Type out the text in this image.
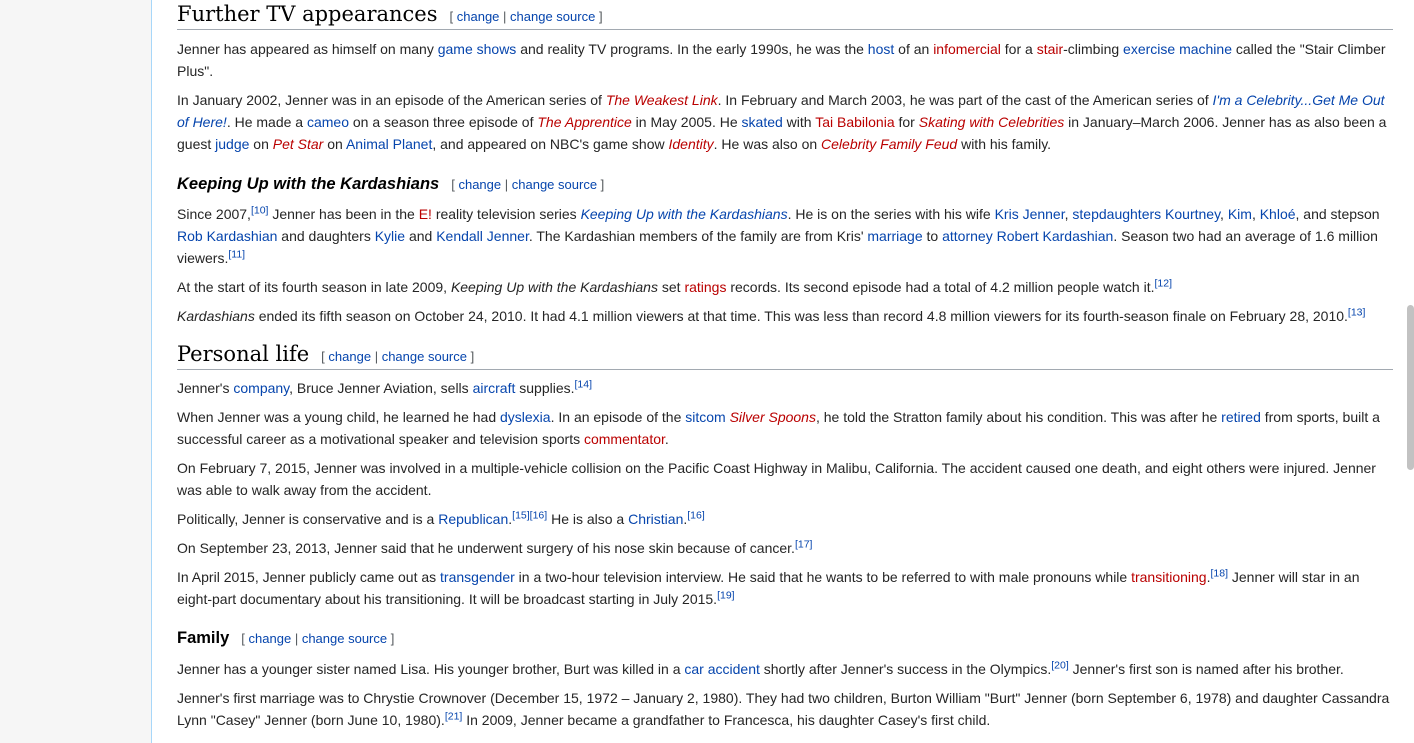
Further TV appearances [ change | change source ]

Jenner has appeared as himself on many game shows and reality TV programs. In the early 1990s, he was the host of an infomercial for a stair-climbing exercise machine called the "Stair Climber Plus".

In January 2002, Jenner was in an episode of the American series of The Weakest Link. In February and March 2003, he was part of the cast of the American series of I'm a Celebrity...Get Me Out of Here!. He made a cameo on a season three episode of The Apprentice in May 2005. He skated with Tai Babilonia for Skating with Celebrities in January–March 2006. Jenner has as also been a guest judge on Pet Star on Animal Planet, and appeared on NBC's game show Identity. He was also on Celebrity Family Feud with his family.

Keeping Up with the Kardashians [ change | change source ]

Since 2007,[10] Jenner has been in the E! reality television series Keeping Up with the Kardashians. He is on the series with his wife Kris Jenner, stepdaughters Kourtney, Kim, Khloé, and stepson Rob Kardashian and daughters Kylie and Kendall Jenner. The Kardashian members of the family are from Kris' marriage to attorney Robert Kardashian. Season two had an average of 1.6 million viewers.[11]

At the start of its fourth season in late 2009, Keeping Up with the Kardashians set ratings records. Its second episode had a total of 4.2 million people watch it.[12]

Kardashians ended its fifth season on October 24, 2010. It had 4.1 million viewers at that time. This was less than record 4.8 million viewers for its fourth-season finale on February 28, 2010.[13]

Personal life [ change | change source ]

Jenner's company, Bruce Jenner Aviation, sells aircraft supplies.[14]

When Jenner was a young child, he learned he had dyslexia. In an episode of the sitcom Silver Spoons, he told the Stratton family about his condition. This was after he retired from sports, built a successful career as a motivational speaker and television sports commentator.

On February 7, 2015, Jenner was involved in a multiple-vehicle collision on the Pacific Coast Highway in Malibu, California. The accident caused one death, and eight others were injured. Jenner was able to walk away from the accident.

Politically, Jenner is conservative and is a Republican.[15][16] He is also a Christian.[16]

On September 23, 2013, Jenner said that he underwent surgery of his nose skin because of cancer.[17]

In April 2015, Jenner publicly came out as transgender in a two-hour television interview. He said that he wants to be referred to with male pronouns while transitioning.[18] Jenner will star in an eight-part documentary about his transitioning. It will be broadcast starting in July 2015.[19]

Family [ change | change source ]

Jenner has a younger sister named Lisa. His younger brother, Burt was killed in a car accident shortly after Jenner's success in the Olympics.[20] Jenner's first son is named after his brother.

Jenner's first marriage was to Chrystie Crownover (December 15, 1972 – January 2, 1980). They had two children, Burton William "Burt" Jenner (born September 6, 1978) and daughter Cassandra Lynn "Casey" Jenner (born June 10, 1980).[21] In 2009, Jenner became a grandfather to Francesca, his daughter Casey's first child.
